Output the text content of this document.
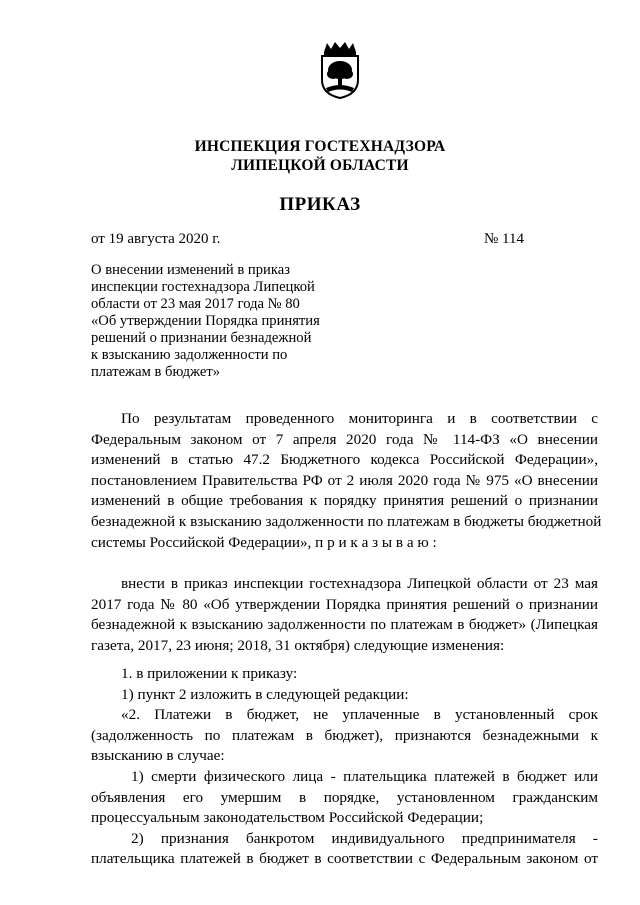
ИНСПЕКЦИЯ ГОСТЕХНАДЗОРА
ЛИПЕЦКОЙ ОБЛАСТИ
ПРИКАЗ
от 19 августа 2020 г.	№ 114
О внесении изменений в приказ
инспекции гостехнадзора Липецкой
области от 23 мая 2017 года № 80
«Об утверждении Порядка принятия
решений о признании безнадежной
к взысканию задолженности по
платежам в бюджет»
По результатам проведенного мониторинга и в соответствии с
Федеральным законом от 7 апреля 2020 года № 114-ФЗ «О внесении
изменений в статью 47.2 Бюджетного кодекса Российской Федерации»,
постановлением Правительства РФ от 2 июля 2020 года № 975 «О внесении
изменений в общие требования к порядку принятия решений о признании
безнадежной к взысканию задолженности по платежам в бюджеты бюджетной
системы Российской Федерации», п р и к а з ы в а ю :
внести в приказ инспекции гостехнадзора Липецкой области от 23 мая
2017 года № 80 «Об утверждении Порядка принятия решений о признании
безнадежной к взысканию задолженности по платежам в бюджет» (Липецкая
газета, 2017, 23 июня; 2018, 31 октября) следующие изменения:
1. в приложении к приказу:
1) пункт 2 изложить в следующей редакции:
«2. Платежи в бюджет, не уплаченные в установленный срок
(задолженность по платежам в бюджет), признаются безнадежными к
взысканию в случае:
1) смерти физического лица - плательщика платежей в бюджет или
объявления его умершим в порядке, установленном гражданским
процессуальным законодательством Российской Федерации;
2) признания банкротом индивидуального предпринимателя -
плательщика платежей в бюджет в соответствии с Федеральным законом от
